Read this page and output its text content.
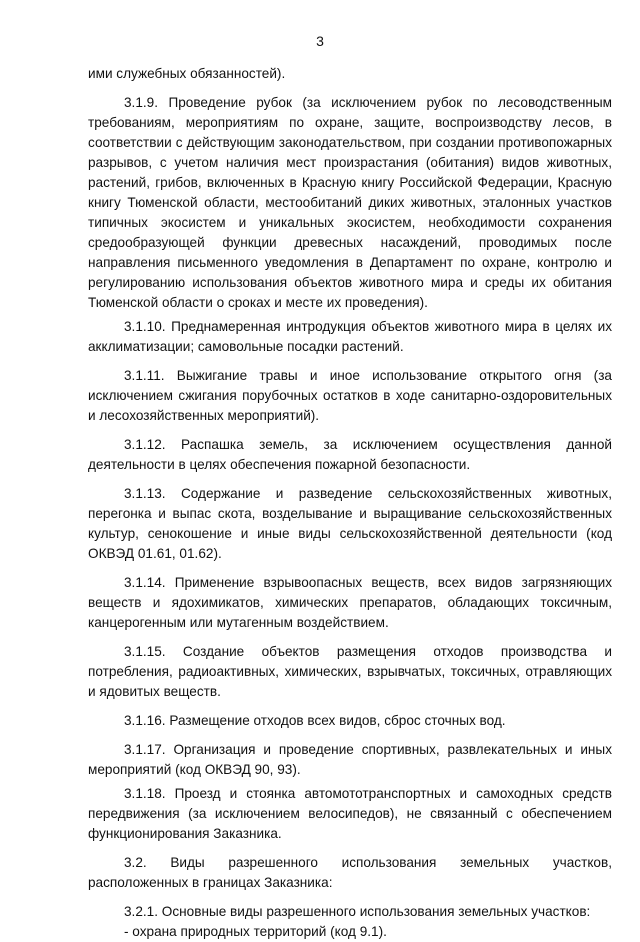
3

ими служебных обязанностей).

3.1.9. Проведение рубок (за исключением рубок по лесоводственным требованиям, мероприятиям по охране, защите, воспроизводству лесов, в соответствии с действующим законодательством, при создании противопожарных разрывов, с учетом наличия мест произрастания (обитания) видов животных, растений, грибов, включенных в Красную книгу Российской Федерации, Красную книгу Тюменской области, местообитаний диких животных, эталонных участков типичных экосистем и уникальных экосистем, необходимости сохранения средообразующей функции древесных насаждений, проводимых после направления письменного уведомления в Департамент по охране, контролю и регулированию использования объектов животного мира и среды их обитания Тюменской области о сроках и месте их проведения).

3.1.10. Преднамеренная интродукция объектов животного мира в целях их акклиматизации; самовольные посадки растений.

3.1.11. Выжигание травы и иное использование открытого огня (за исключением сжигания порубочных остатков в ходе санитарно-оздоровительных и лесохозяйственных мероприятий).

3.1.12. Распашка земель, за исключением осуществления данной деятельности в целях обеспечения пожарной безопасности.

3.1.13. Содержание и разведение сельскохозяйственных животных, перегонка и выпас скота, возделывание и выращивание сельскохозяйственных культур, сенокошение и иные виды сельскохозяйственной деятельности (код ОКВЭД 01.61, 01.62).

3.1.14. Применение взрывоопасных веществ, всех видов загрязняющих веществ и ядохимикатов, химических препаратов, обладающих токсичным, канцерогенным или мутагенным воздействием.

3.1.15. Создание объектов размещения отходов производства и потребления, радиоактивных, химических, взрывчатых, токсичных, отравляющих и ядовитых веществ.

3.1.16. Размещение отходов всех видов, сброс сточных вод.

3.1.17. Организация и проведение спортивных, развлекательных и иных мероприятий (код ОКВЭД 90, 93).

3.1.18. Проезд и стоянка автомототранспортных и самоходных средств передвижения (за исключением велосипедов), не связанный с обеспечением функционирования Заказника.

3.2. Виды разрешенного использования земельных участков, расположенных в границах Заказника:

3.2.1. Основные виды разрешенного использования земельных участков:

- охрана природных территорий (код 9.1).
